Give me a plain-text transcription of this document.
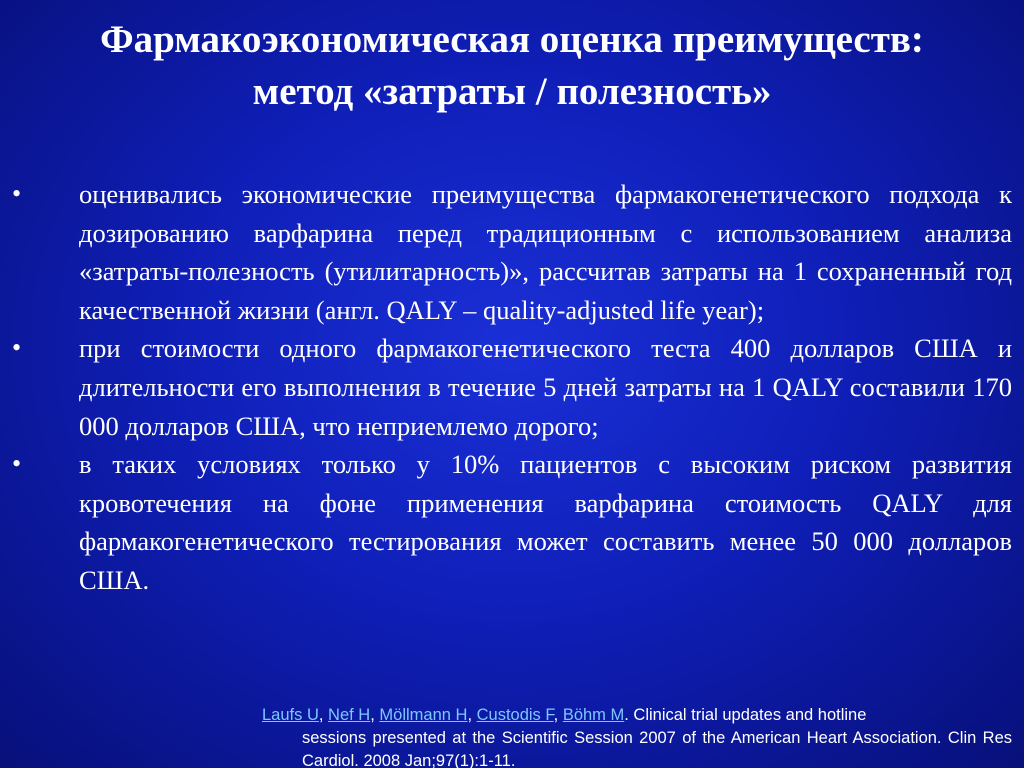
Фармакоэкономическая оценка преимуществ:
метод «затраты / полезность»
• оценивались экономические преимущества фармакогенетического подхода к дозированию варфарина перед традиционным с использованием анализа «затраты-полезность (утилитарность)», рассчитав затраты на 1 сохраненный год качественной жизни (англ. QALY – quality-adjusted life year);
• при стоимости одного фармакогенетического теста 400 долларов США и длительности его выполнения в течение 5 дней затраты на 1 QALY составили 170 000 долларов США, что неприемлемо дорого;
• в таких условиях только у 10% пациентов с высоким риском развития кровотечения на фоне применения варфарина стоимость QALY для фармакогенетического тестирования может составить менее 50 000 долларов США.
Laufs U, Nef H, Möllmann H, Custodis F, Böhm M. Clinical trial updates and hotline
sessions presented at the Scientific Session 2007 of the American Heart Association. Clin Res Cardiol. 2008 Jan;97(1):1-11.
